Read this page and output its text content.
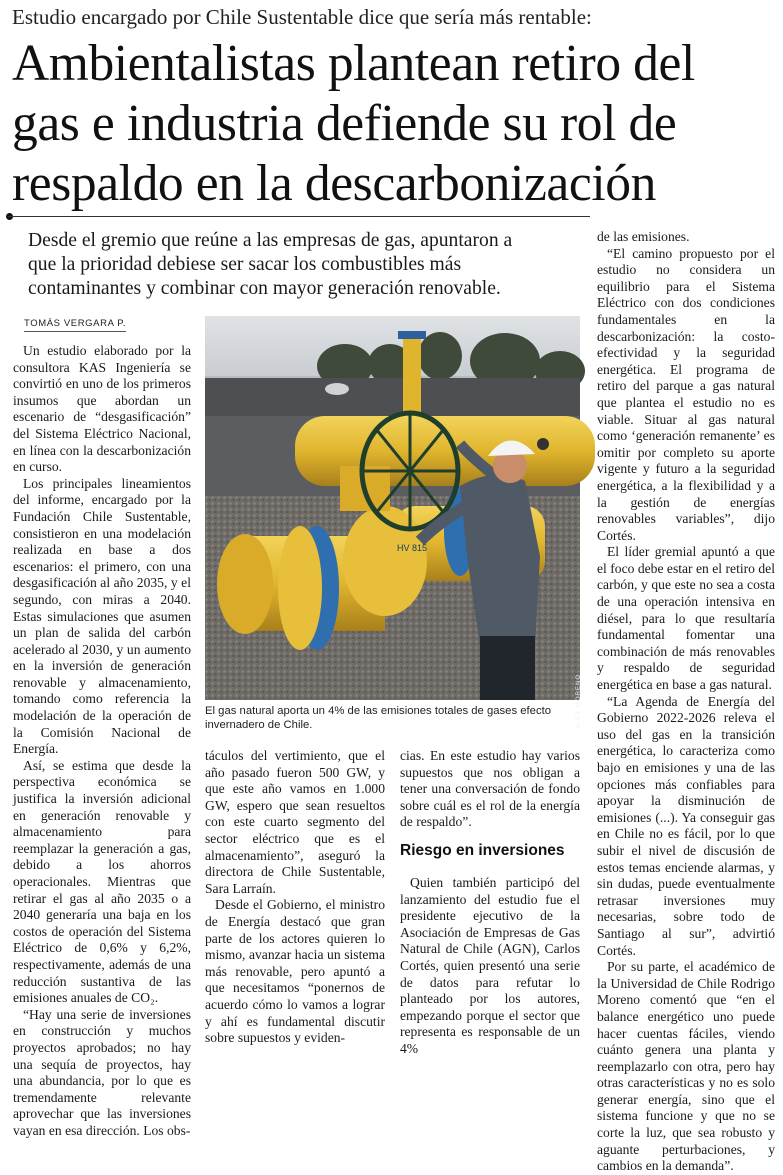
Estudio encargado por Chile Sustentable dice que sería más rentable:
Ambientalistas plantean retiro del
gas e industria defiende su rol de
respaldo en la descarbonización
Desde el gremio que reúne a las empresas de gas, apuntaron a
que la prioridad debiese ser sacar los combustibles más
contaminantes y combinar con mayor generación renovable.
TOMÁS VERGARA P.

Un estudio elaborado por la consultora KAS Ingeniería se convirtió en uno de los primeros insumos que abordan un escenario de “desgasificación” del Sistema Eléctrico Nacional, en línea con la descarbonización en curso.

Los principales lineamientos del informe, encargado por la Fundación Chile Sustentable, consistieron en una modelación realizada en base a dos escenarios: el primero, con una desgasificación al año 2035, y el segundo, con miras a 2040. Estas simulaciones que asumen un plan de salida del carbón acelerado al 2030, y un aumento en la inversión de generación renovable y almacenamiento, tomando como referencia la modelación de la operación de la Comisión Nacional de Energía.

Así, se estima que desde la perspectiva económica se justifica la inversión adicional en generación renovable y almacenamiento para reemplazar la generación a gas, debido a los ahorros operacionales. Mientras que retirar el gas al año 2035 o a 2040 generaría una baja en los costos de operación del Sistema Eléctrico de 0,6% y 6,2%, respectivamente, además de una reducción sustantiva de las emisiones anuales de CO₂.

“Hay una serie de inversiones en construcción y muchos proyectos aprobados; no hay una sequía de proyectos, hay una abundancia, por lo que es tremendamente relevante aprovechar que las inversiones vayan en esa dirección. Los obs-

HV 815
ALEX MORENO
El gas natural aporta un 4% de las emisiones totales de gases efecto invernadero de Chile.

táculos del vertimiento, que el año pasado fueron 500 GW, y que este año vamos en 1.000 GW, espero que sean resueltos con este cuarto segmento del sector eléctrico que es el almacenamiento”, aseguró la directora de Chile Sustentable, Sara Larraín.

Desde el Gobierno, el ministro de Energía destacó que gran parte de los actores quieren lo mismo, avanzar hacia un sistema más renovable, pero apuntó a que necesitamos “ponernos de acuerdo cómo lo vamos a lograr y ahí es fundamental discutir sobre supuestos y eviden-

cias. En este estudio hay varios supuestos que nos obligan a tener una conversación de fondo sobre cuál es el rol de la energía de respaldo”.

Riesgo en inversiones

Quien también participó del lanzamiento del estudio fue el presidente ejecutivo de la Asociación de Empresas de Gas Natural de Chile (AGN), Carlos Cortés, quien presentó una serie de datos para refutar lo planteado por los autores, empezando porque el sector que representa es responsable de un 4%

de las emisiones.

“El camino propuesto por el estudio no considera un equilibrio para el Sistema Eléctrico con dos condiciones fundamentales en la descarbonización: la costo-efectividad y la seguridad energética. El programa de retiro del parque a gas natural que plantea el estudio no es viable. Situar al gas natural como ‘generación remanente’ es omitir por completo su aporte vigente y futuro a la seguridad energética, a la flexibilidad y a la gestión de energías renovables variables”, dijo Cortés.

El líder gremial apuntó a que el foco debe estar en el retiro del carbón, y que este no sea a costa de una operación intensiva en diésel, para lo que resultaría fundamental fomentar una combinación de más renovables y respaldo de seguridad energética en base a gas natural.

“La Agenda de Energía del Gobierno 2022-2026 releva el uso del gas en la transición energética, lo caracteriza como bajo en emisiones y una de las opciones más confiables para apoyar la disminución de emisiones (...). Ya conseguir gas en Chile no es fácil, por lo que subir el nivel de discusión de estos temas enciende alarmas, y sin dudas, puede eventualmente retrasar inversiones muy necesarias, sobre todo de Santiago al sur”, advirtió Cortés.

Por su parte, el académico de la Universidad de Chile Rodrigo Moreno comentó que “en el balance energético uno puede hacer cuentas fáciles, viendo cuánto genera una planta y reemplazarlo con otra, pero hay otras características y no es solo generar energía, sino que el sistema funcione y que no se corte la luz, que sea robusto y aguante perturbaciones, y cambios en la demanda”.
